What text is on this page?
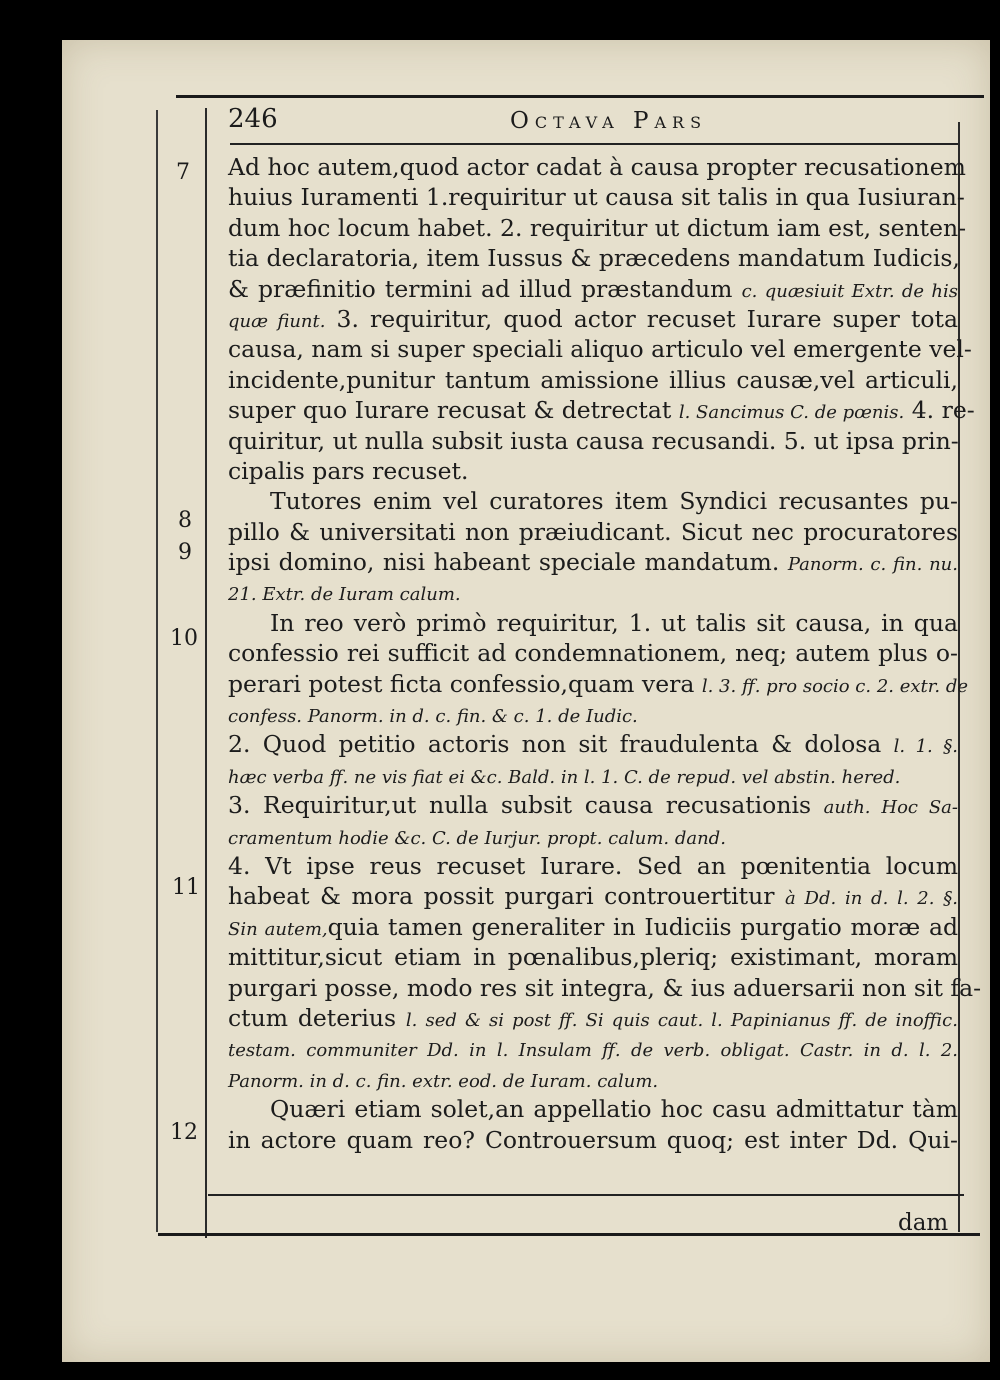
246	Octava Pars
7
8
9
10
11
12
Ad hoc autem,quod actor cadat à causa propter recusationem
huius Iuramenti 1.requiritur ut causa sit talis in qua Iusiuran-
dum hoc locum habet. 2. requiritur ut dictum iam est, senten-
tia declaratoria, item Iussus & præcedens mandatum Iudicis,
& præfinitio termini ad illud præstandum c. quæsiuit Extr. de his
quæ fiunt. 3. requiritur, quod actor recuset Iurare super tota
causa, nam si super speciali aliquo articulo vel emergente vel-
incidente,punitur tantum amissione illius causæ,vel articuli,
super quo Iurare recusat & detrectat l. Sancimus C. de pœnis. 4. re-
quiritur, ut nulla subsit iusta causa recusandi. 5. ut ipsa prin-
cipalis pars recuset.
Tutores enim vel curatores item Syndici recusantes pu-
pillo & universitati non præiudicant. Sicut nec procuratores
ipsi domino, nisi habeant speciale mandatum. Panorm. c. fin. nu.
21. Extr. de Iuram calum.
In reo verò primò requiritur, 1. ut talis sit causa, in qua
confessio rei sufficit ad condemnationem, neq; autem plus o-
perari potest ficta confessio,quam vera l. 3. ff. pro socio c. 2. extr. de
confess. Panorm. in d. c. fin. & c. 1. de Iudic.
2. Quod petitio actoris non sit fraudulenta & dolosa l. 1. §.
hæc verba ff. ne vis fiat ei &c. Bald. in l. 1. C. de repud. vel abstin. hered.
3. Requiritur,ut nulla subsit causa recusationis auth. Hoc Sa-
cramentum hodie &c. C. de Iurjur. propt. calum. dand.
4. Vt ipse reus recuset Iurare. Sed an pœnitentia locum
habeat & mora possit purgari controuertitur à Dd. in d. l. 2. §.
Sin autem,quia tamen generaliter in Iudiciis purgatio moræ ad
mittitur,sicut etiam in pœnalibus,pleriq; existimant, moram
purgari posse, modo res sit integra, & ius aduersarii non sit fa-
ctum deterius l. sed & si post ff. Si quis caut. l. Papinianus ff. de inoffic.
testam. communiter Dd. in l. Insulam ff. de verb. obligat. Castr. in d. l. 2.
Panorm. in d. c. fin. extr. eod. de Iuram. calum.
Quæri etiam solet,an appellatio hoc casu admittatur tàm
in actore quam reo? Controuersum quoq; est inter Dd. Qui-
dam
